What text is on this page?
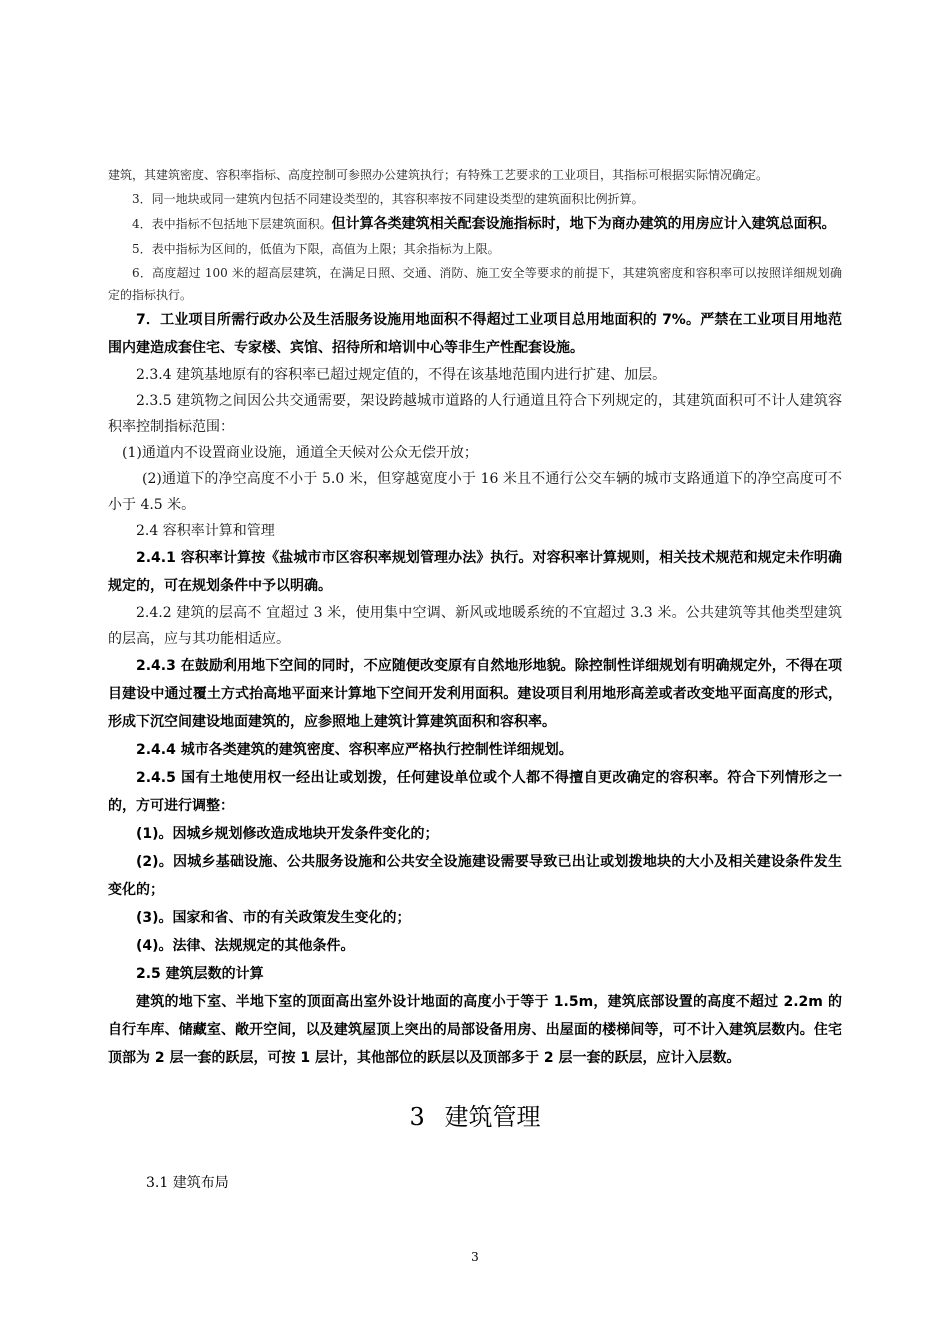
建筑，其建筑密度、容积率指标、高度控制可参照办公建筑执行；有特殊工艺要求的工业项目，其指标可根据实际情况确定。

3．同一地块或同一建筑内包括不同建设类型的，其容积率按不同建设类型的建筑面积比例折算。

4．表中指标不包括地下层建筑面积。但计算各类建筑相关配套设施指标时，地下为商办建筑的用房应计入建筑总面积。

5．表中指标为区间的，低值为下限，高值为上限；其余指标为上限。

6．高度超过 100 米的超高层建筑，在满足日照、交通、消防、施工安全等要求的前提下，其建筑密度和容积率可以按照详细规划确定的指标执行。

7．工业项目所需行政办公及生活服务设施用地面积不得超过工业项目总用地面积的 7%。严禁在工业项目用地范围内建造成套住宅、专家楼、宾馆、招待所和培训中心等非生产性配套设施。

2.3.4 建筑基地原有的容积率已超过规定值的，不得在该基地范围内进行扩建、加层。

2.3.5 建筑物之间因公共交通需要，架设跨越城市道路的人行通道且符合下列规定的，其建筑面积可不计人建筑容积率控制指标范围：

(1)通道内不设置商业设施，通道全天候对公众无偿开放；

(2)通道下的净空高度不小于 5.0 米，但穿越宽度小于 16 米且不通行公交车辆的城市支路通道下的净空高度可不小于 4.5 米。

2.4 容积率计算和管理

2.4.1 容积率计算按《盐城市市区容积率规划管理办法》执行。对容积率计算规则，相关技术规范和规定未作明确规定的，可在规划条件中予以明确。

2.4.2 建筑的层高不 宜超过 3 米，使用集中空调、新风或地暖系统的不宜超过 3.3 米。公共建筑等其他类型建筑的层高，应与其功能相适应。

2.4.3 在鼓励利用地下空间的同时，不应随便改变原有自然地形地貌。除控制性详细规划有明确规定外，不得在项目建设中通过覆土方式抬高地平面来计算地下空间开发利用面积。建设项目利用地形高差或者改变地平面高度的形式，形成下沉空间建设地面建筑的，应参照地上建筑计算建筑面积和容积率。

2.4.4 城市各类建筑的建筑密度、容积率应严格执行控制性详细规划。

2.4.5 国有土地使用权一经出让或划拨，任何建设单位或个人都不得擅自更改确定的容积率。符合下列情形之一的，方可进行调整：

(1)。因城乡规划修改造成地块开发条件变化的；

(2)。因城乡基础设施、公共服务设施和公共安全设施建设需要导致已出让或划拨地块的大小及相关建设条件发生变化的；

(3)。国家和省、市的有关政策发生变化的；

(4)。法律、法规规定的其他条件。

2.5 建筑层数的计算

建筑的地下室、半地下室的顶面高出室外设计地面的高度小于等于 1.5m，建筑底部设置的高度不超过 2.2m 的自行车库、储藏室、敞开空间，以及建筑屋顶上突出的局部设备用房、出屋面的楼梯间等，可不计入建筑层数内。住宅顶部为 2 层一套的跃层，可按 1 层计，其他部位的跃层以及顶部多于 2 层一套的跃层，应计入层数。

3 建筑管理

3.1 建筑布局

3
